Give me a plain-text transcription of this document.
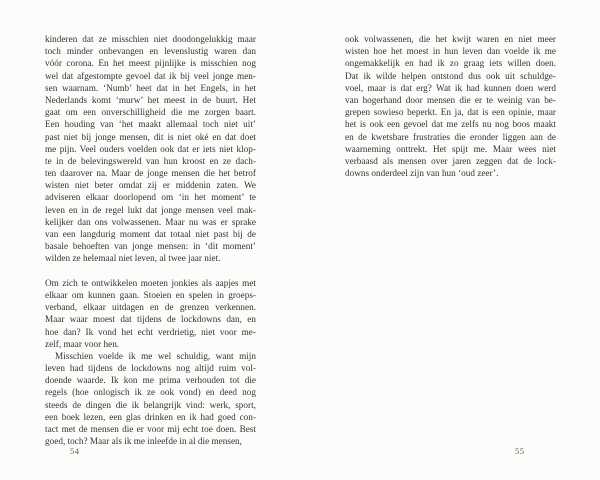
kinderen dat ze misschien niet doodongelukkig maar
toch minder onbevangen en levenslustig waren dan
vóór corona. En het meest pijnlijke is misschien nog
wel dat afgestompte gevoel dat ik bij veel jonge men-
sen waarnam. ‘Numb’ heet dat in het Engels, in het
Nederlands komt ‘murw’ het meest in de buurt. Het
gaat om een onverschilligheid die me zorgen baart.
Een houding van ‘het maakt allemaal toch niet uit’
past niet bij jonge mensen, dit is niet oké en dat doet
me pijn. Veel ouders voelden ook dat er iets niet klop-
te in de belevingswereld van hun kroost en ze dach-
ten daarover na. Maar de jonge mensen die het betrof
wisten niet beter omdat zij er middenin zaten. We
adviseren elkaar doorlopend om ‘in het moment’ te
leven en in de regel lukt dat jonge mensen veel mak-
kelijker dan ons volwassenen. Maar nu was er sprake
van een langdurig moment dat totaal niet past bij de
basale behoeften van jonge mensen: in ‘dit moment’
wilden ze helemaal niet leven, al twee jaar niet.
Om zich te ontwikkelen moeten jonkies als aapjes met
elkaar om kunnen gaan. Stoeien en spelen in groeps-
verband, elkaar uitdagen en de grenzen verkennen.
Maar waar moest dat tijdens de lockdowns dan, en
hoe dan? Ik vond het echt verdrietig, niet voor me-
zelf, maar voor hen.
Misschien voelde ik me wel schuldig, want mijn
leven had tijdens de lockdowns nog altijd ruim vol-
doende waarde. Ik kon me prima verhouden tot die
regels (hoe onlogisch ik ze ook vond) en deed nog
steeds de dingen die ik belangrijk vind: werk, sport,
een boek lezen, een glas drinken en ik had goed con-
tact met de mensen die er voor mij echt toe doen. Best
goed, toch? Maar als ik me inleefde in al die mensen,
ook volwassenen, die het kwijt waren en niet meer
wisten hoe het moest in hun leven dan voelde ik me
ongemakkelijk en had ik zo graag iets willen doen.
Dat ik wilde helpen ontstond dus ook uit schuldge-
voel, maar is dat erg? Wat ik had kunnen doen werd
van hogerhand door mensen die er te weinig van be-
grepen sowieso beperkt. En ja, dat is een opinie, maar
het is ook een gevoel dat me zelfs nu nog boos maakt
en de kwetsbare frustraties die eronder liggen aan de
waarneming onttrekt. Het spijt me. Maar wees niet
verbaasd als mensen over jaren zeggen dat de lock-
downs onderdeel zijn van hun ‘oud zeer’.
54	55
